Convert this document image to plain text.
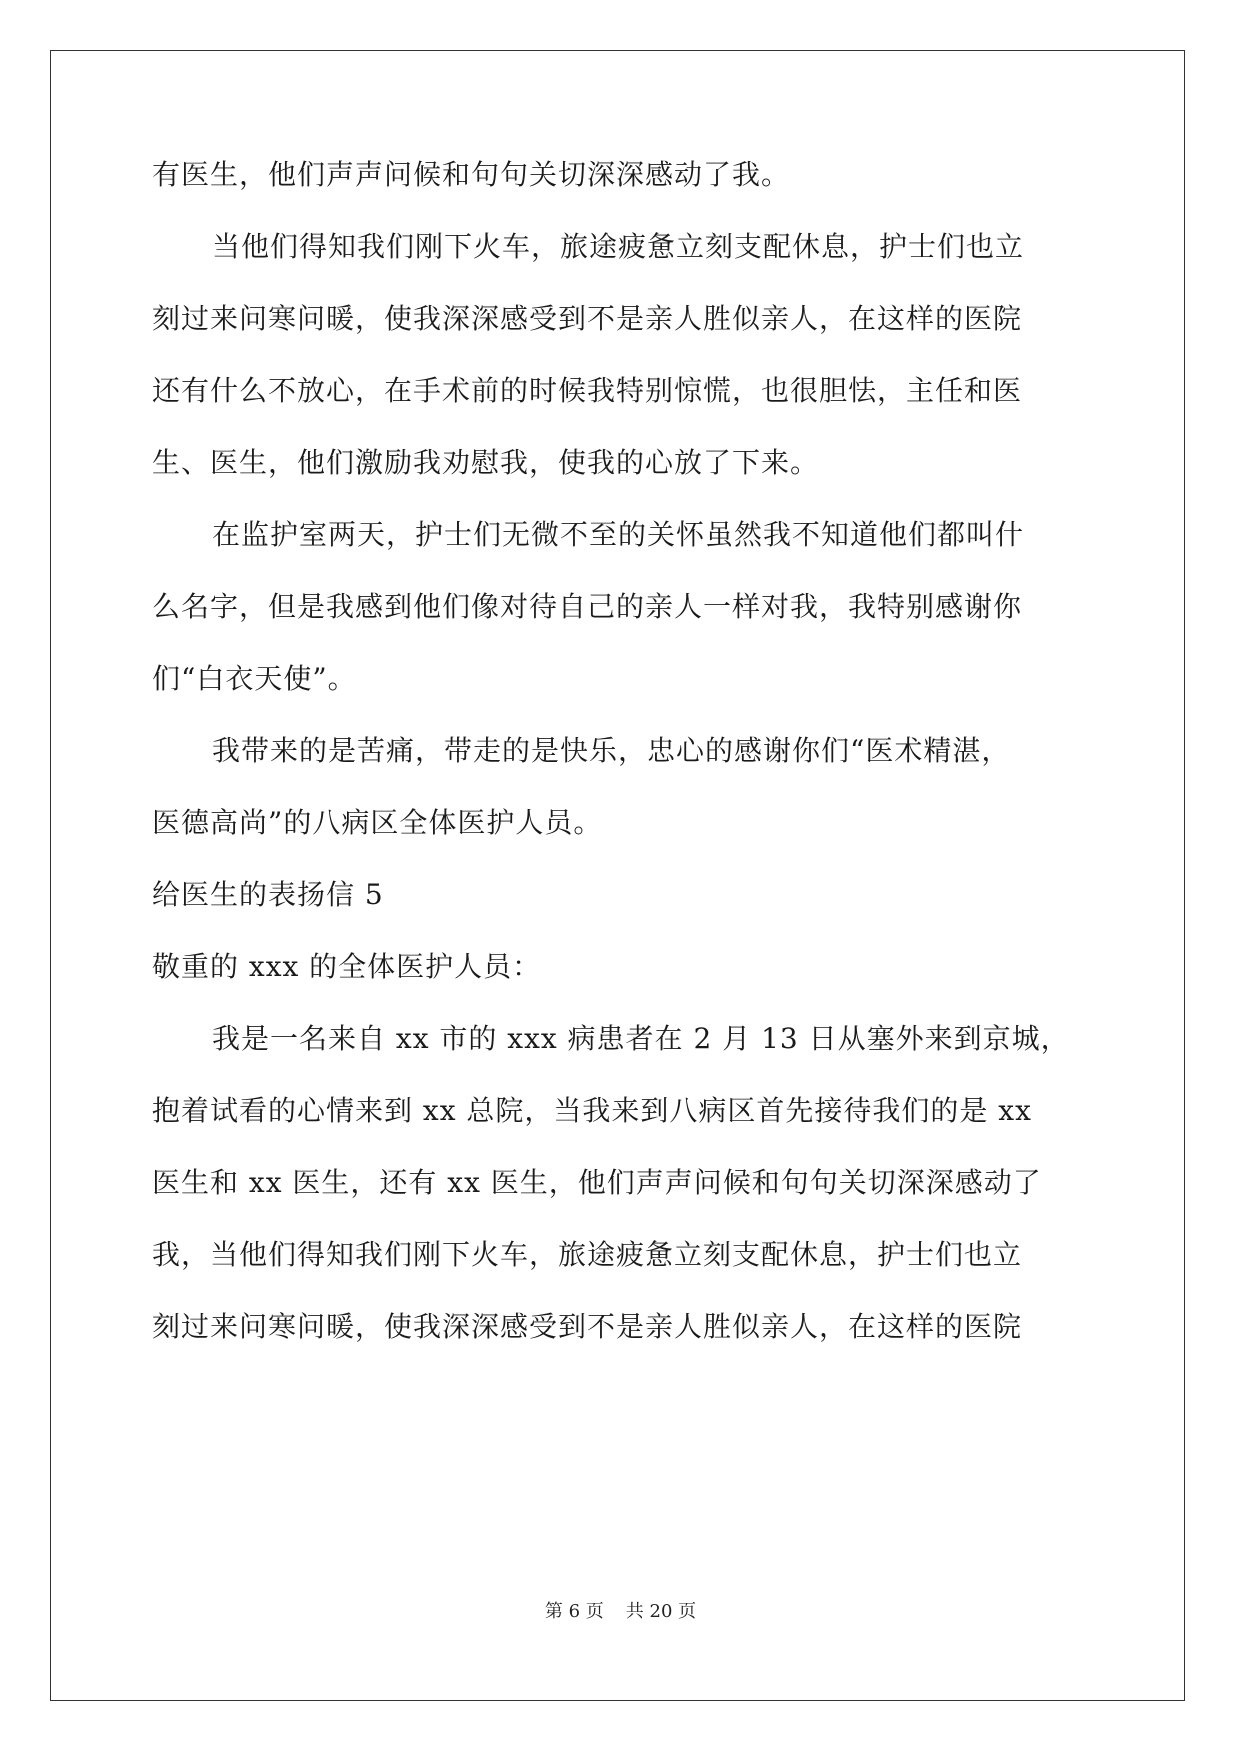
有医生，他们声声问候和句句关切深深感动了我。
当他们得知我们刚下火车，旅途疲惫立刻支配休息，护士们也立
刻过来问寒问暖，使我深深感受到不是亲人胜似亲人，在这样的医院
还有什么不放心，在手术前的时候我特别惊慌，也很胆怯，主任和医
生、医生，他们激励我劝慰我，使我的心放了下来。
在监护室两天，护士们无微不至的关怀虽然我不知道他们都叫什
么名字，但是我感到他们像对待自己的亲人一样对我，我特别感谢你
们“白衣天使”。
我带来的是苦痛，带走的是快乐，忠心的感谢你们“医术精湛，
医德高尚”的八病区全体医护人员。
给医生的表扬信 5
敬重的 xxx 的全体医护人员：
我是一名来自 xx 市的 xxx 病患者在 2 月 13 日从塞外来到京城，
抱着试看的心情来到 xx 总院，当我来到八病区首先接待我们的是 xx
医生和 xx 医生，还有 xx 医生，他们声声问候和句句关切深深感动了
我，当他们得知我们刚下火车，旅途疲惫立刻支配休息，护士们也立
刻过来问寒问暖，使我深深感受到不是亲人胜似亲人，在这样的医院
第 6 页 共 20 页
